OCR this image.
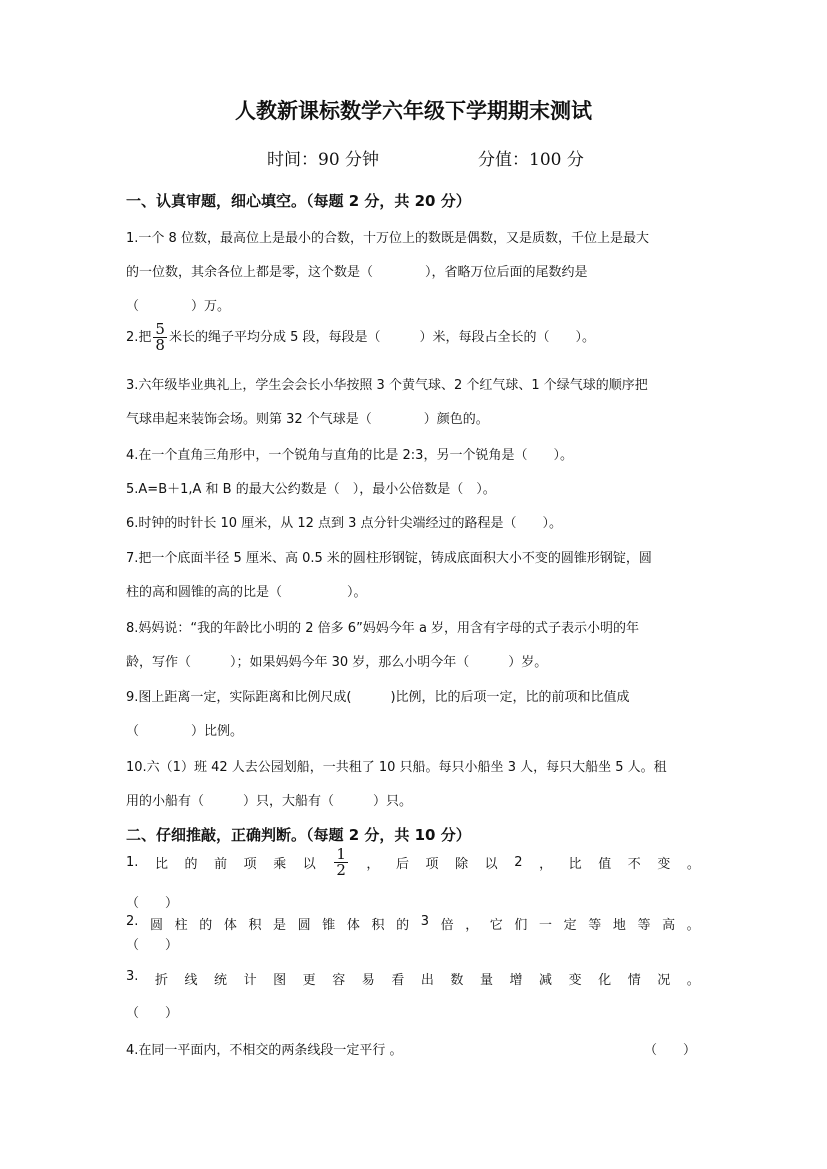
人教新课标数学六年级下学期期末测试
时间：90 分钟	分值：100 分
一、认真审题，细心填空。（每题 2 分，共 20 分）
1.一个 8 位数，最高位上是最小的合数，十万位上的数既是偶数，又是质数，千位上是最大
的一位数，其余各位上都是零，这个数是（　　　　），省略万位后面的尾数约是
（　　　　）万。
2.把 $\frac{5}{8}$ 米长的绳子平均分成 5 段，每段是（　　　）米，每段占全长的（　　）。
3.六年级毕业典礼上，学生会会长小华按照 3 个黄气球、2 个红气球、1 个绿气球的顺序把
气球串起来装饰会场。则第 32 个气球是（　　　　）颜色的。
4.在一个直角三角形中，一个锐角与直角的比是 2:3，另一个锐角是（　　）。
5.A=B＋1,A 和 B 的最大公约数是（　），最小公倍数是（　）。
6.时钟的时针长 10 厘米，从 12 点到 3 点分针尖端经过的路程是（　　）。
7.把一个底面半径 5 厘米、高 0.5 米的圆柱形钢锭，铸成底面积大小不变的圆锥形钢锭，圆
柱的高和圆锥的高的比是（　　　　　）。
8.妈妈说：“我的年龄比小明的 2 倍多 6”妈妈今年 a 岁，用含有字母的式子表示小明的年
龄，写作（　　　）；如果妈妈今年 30 岁，那么小明今年（　　　）岁。
9.图上距离一定，实际距离和比例尺成(　　　)比例，比的后项一定，比的前项和比值成
（　　　　）比例。
10.六（1）班 42 人去公园划船，一共租了 10 只船。每只小船坐 3 人，每只大船坐 5 人。租
用的小船有（　　　）只，大船有（　　　）只。
二、仔细推敲，正确判断。（每题 2 分，共 10 分）
1. 比 的 前 项 乘 以 $\frac{1}{2}$ ， 后 项 除 以 2 ， 比 值 不 变 。
（　　）
2. 圆 柱 的 体 积 是 圆 锥 体 积 的 3 倍 ， 它 们 一 定 等 地 等 高 。
（　　）
3. 折 线 统 计 图 更 容 易 看 出 数 量 增 减 变 化 情 况 。
（　　）
4.在同一平面内，不相交的两条线段一定平行 。	（　　）
